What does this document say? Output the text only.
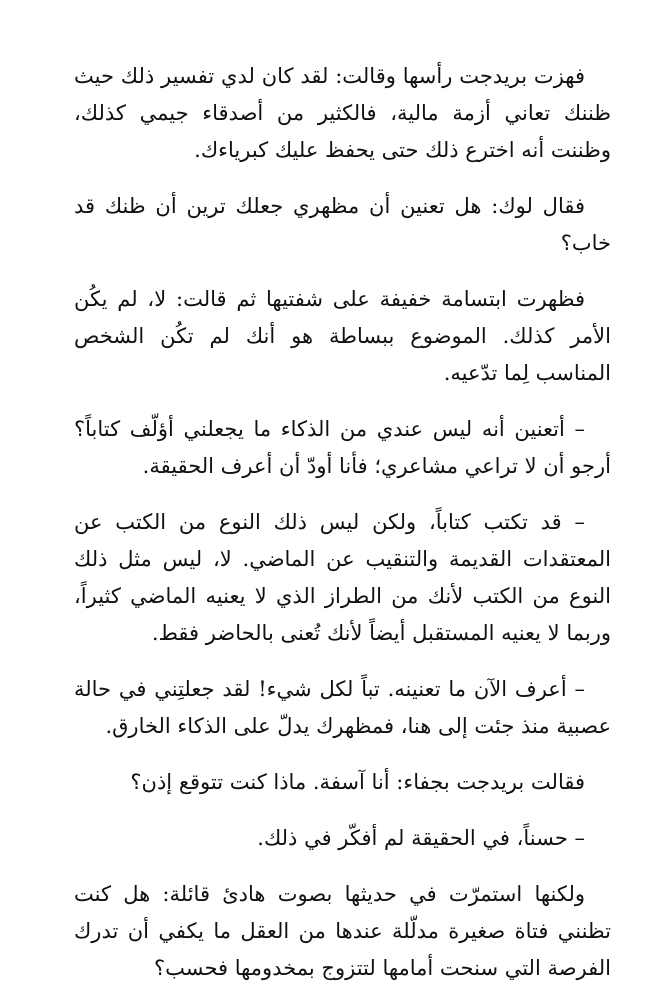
فهزت بريدجت رأسها وقالت: لقد كان لدي تفسير ذلك حيث ظننك تعاني أزمة مالية، فالكثير من أصدقاء جيمي كذلك، وظننت أنه اخترع ذلك حتى يحفظ عليك كبرياءك.

فقال لوك: هل تعنين أن مظهري جعلك ترين أن ظنك قد خاب؟

فظهرت ابتسامة خفيفة على شفتيها ثم قالت: لا، لم يكُن الأمر كذلك. الموضوع ببساطة هو أنك لم تكُن الشخص المناسب لِما تدّعيه.

– أتعنين أنه ليس عندي من الذكاء ما يجعلني أؤلّف كتاباً؟ أرجو أن لا تراعي مشاعري؛ فأنا أودّ أن أعرف الحقيقة.

– قد تكتب كتاباً، ولكن ليس ذلك النوع من الكتب عن المعتقدات القديمة والتنقيب عن الماضي. لا، ليس مثل ذلك النوع من الكتب لأنك من الطراز الذي لا يعنيه الماضي كثيراً، وربما لا يعنيه المستقبل أيضاً لأنك تُعنى بالحاضر فقط.

– أعرف الآن ما تعنينه. تباً لكل شيء! لقد جعلتِني في حالة عصبية منذ جئت إلى هنا، فمظهرك يدلّ على الذكاء الخارق.

فقالت بريدجت بجفاء: أنا آسفة. ماذا كنت تتوقع إذن؟

– حسناً، في الحقيقة لم أفكّر في ذلك.

ولكنها استمرّت في حديثها بصوت هادئ قائلة: هل كنت تظنني فتاة صغيرة مدلّلة عندها من العقل ما يكفي أن تدرك الفرصة التي سنحت أمامها لتتزوج بمخدومها فحسب؟
